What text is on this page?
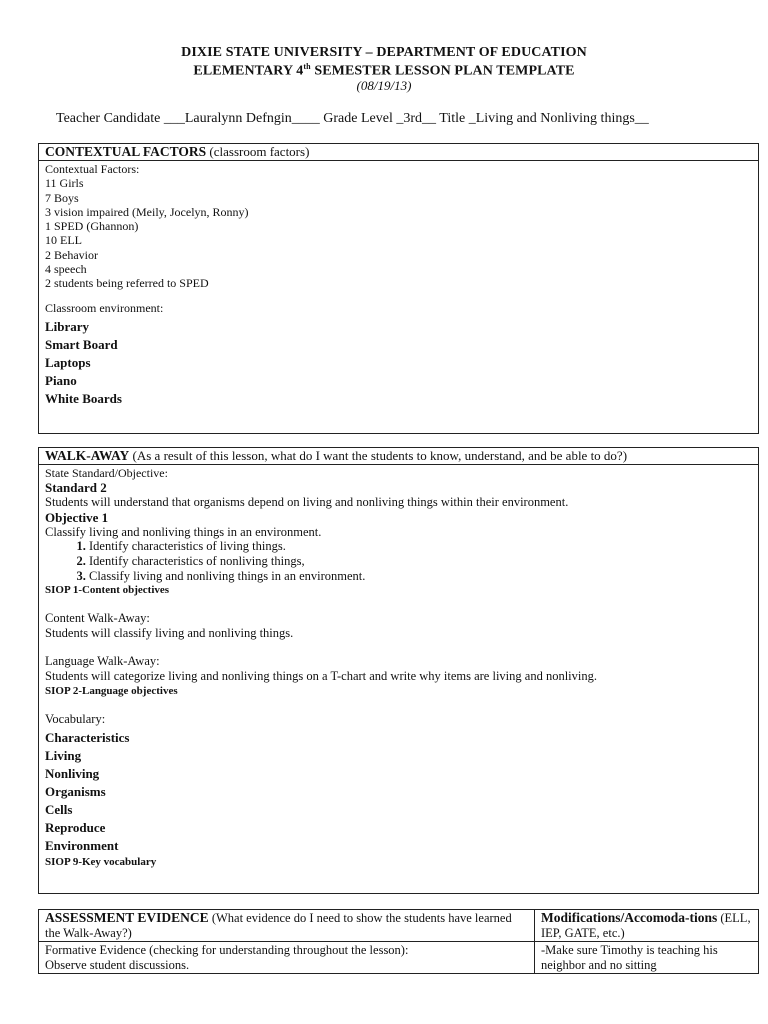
DIXIE STATE UNIVERSITY – DEPARTMENT OF EDUCATION
ELEMENTARY 4th SEMESTER LESSON PLAN TEMPLATE
(08/19/13)
Teacher Candidate ___Lauralynn Defngin____ Grade Level _3rd__ Title _Living and Nonliving things__
CONTEXTUAL FACTORS (classroom factors)
Contextual Factors:
11 Girls
7 Boys
3 vision impaired (Meily, Jocelyn, Ronny)
1 SPED (Ghannon)
10 ELL
2 Behavior
4 speech
2 students being referred to SPED
Classroom environment:
Library
Smart Board
Laptops
Piano
White Boards
WALK-AWAY (As a result of this lesson, what do I want the students to know, understand, and be able to do?)
State Standard/Objective:
Standard 2
Students will understand that organisms depend on living and nonliving things within their environment.
Objective 1
Classify living and nonliving things in an environment.
1. Identify characteristics of living things.
2. Identify characteristics of nonliving things,
3. Classify living and nonliving things in an environment.
SIOP 1-Content objectives
Content Walk-Away:
Students will classify living and nonliving things.
Language Walk-Away:
Students will categorize living and nonliving things on a T-chart and write why items are living and nonliving.
SIOP 2-Language objectives
Vocabulary:
Characteristics
Living
Nonliving
Organisms
Cells
Reproduce
Environment
SIOP 9-Key vocabulary
ASSESSMENT EVIDENCE (What evidence do I need to show the students have learned the Walk-Away?)	Modifications/Accomoda-tions (ELL, IEP, GATE, etc.)

Formative Evidence (checking for understanding throughout the lesson):
Observe student discussions.	-Make sure Timothy is teaching his neighbor and no sitting
